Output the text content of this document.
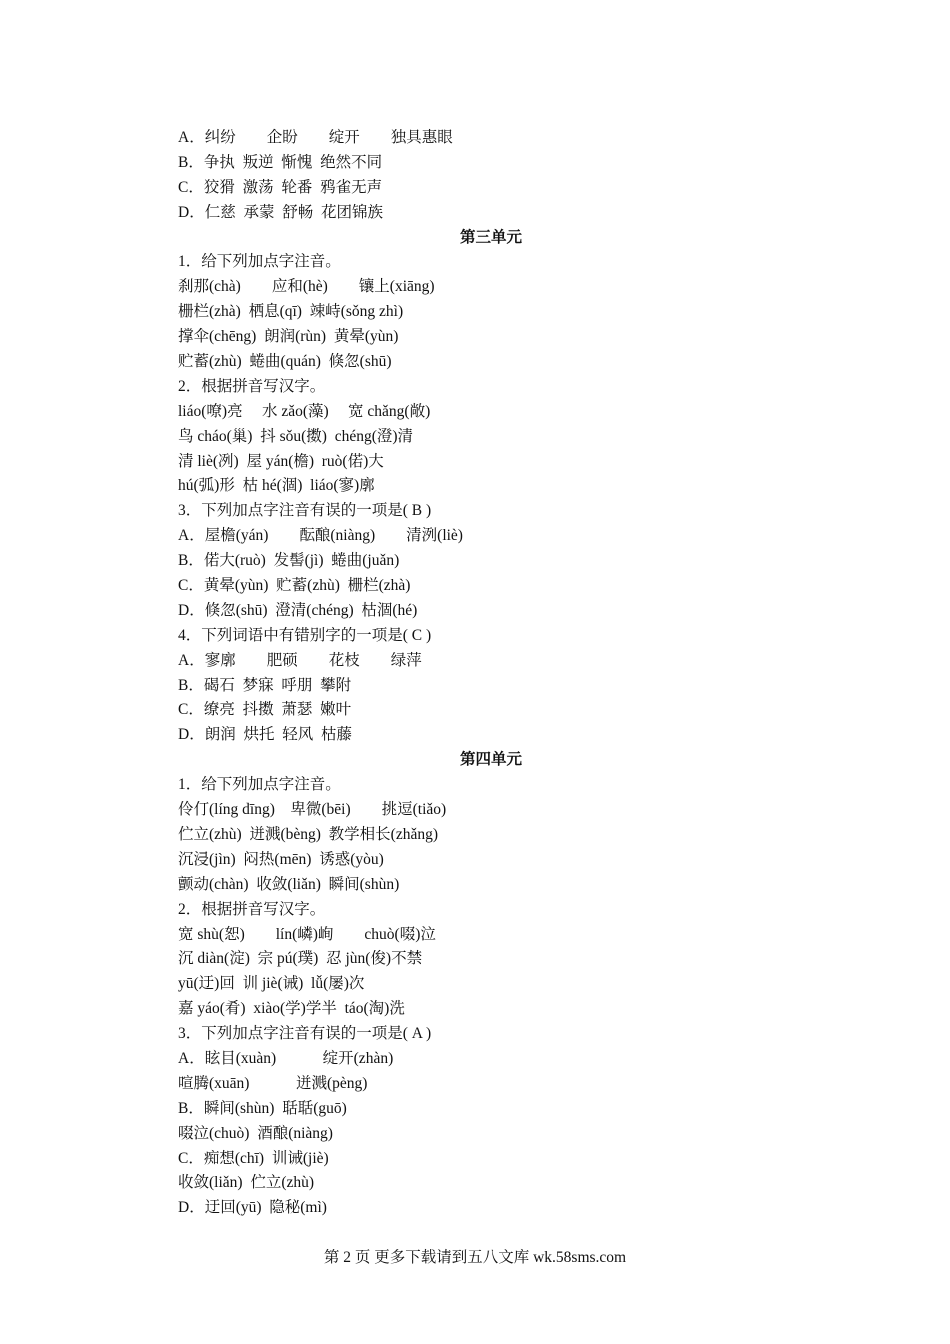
A．纠纷　　企盼　　绽开　　独具惠眼
B．争执  叛逆  惭愧  绝然不同
C．狡猾  激荡  轮番  鸦雀无声
D．仁慈  承蒙  舒畅  花团锦族
第三单元
1．给下列加点字注音。
刹那(chà)　　应和(hè)　　镶上(xiāng)
栅栏(zhà)  栖息(qī)  竦峙(sǒng zhì)
撑伞(chēng)  朗润(rùn)  黄晕(yùn)
贮蓄(zhù)  蜷曲(quán)  倏忽(shū)
2．根据拼音写汉字。
liáo(嘹)亮　 水 zǎo(藻)　 宽 chǎng(敞)
鸟 cháo(巢)  抖 sǒu(擞)  chéng(澄)清
清 liè(冽)  屋 yán(檐)  ruò(偌)大
hú(弧)形  枯 hé(涸)  liáo(寥)廓
3．下列加点字注音有误的一项是( B )
A．屋檐(yán)　　酝酿(niàng)　　清洌(liè)
B．偌大(ruò)  发髻(jì)  蜷曲(juǎn)
C．黄晕(yùn)  贮蓄(zhù)  栅栏(zhà)
D．倏忽(shū)  澄清(chéng)  枯涸(hé)
4．下列词语中有错别字的一项是( C )
A．寥廓　　肥硕　　花枝　　绿萍
B．碣石  梦寐  呼朋  攀附
C．缭亮  抖擞  萧瑟  嫩叶
D．朗润  烘托  轻风  枯藤
第四单元
1．给下列加点字注音。
伶仃(líng dīng)　卑微(bēi)　　挑逗(tiǎo)
伫立(zhù)  迸溅(bèng)  教学相长(zhǎng)
沉浸(jìn)  闷热(mēn)  诱惑(yòu)
颤动(chàn)  收敛(liǎn)  瞬间(shùn)
2．根据拼音写汉字。
宽 shù(恕)　　lín(嶙)峋　　chuò(啜)泣
沉 diàn(淀)  宗 pú(璞)  忍 jùn(俊)不禁
yū(迂)回  训 jiè(诫)  lǚ(屡)次
嘉 yáo(肴)  xiào(学)学半  táo(淘)洗
3．下列加点字注音有误的一项是( A )
A．眩目(xuàn)　　　绽开(zhàn)
喧腾(xuān)　　　迸溅(pèng)
B．瞬间(shùn)  聒聒(guō)
啜泣(chuò)  酒酿(niàng)
C．痴想(chī)  训诫(jiè)
收敛(liǎn)  伫立(zhù)
D．迂回(yū)  隐秘(mì)
第 2 页 更多下载请到五八文库 wk.58sms.com
